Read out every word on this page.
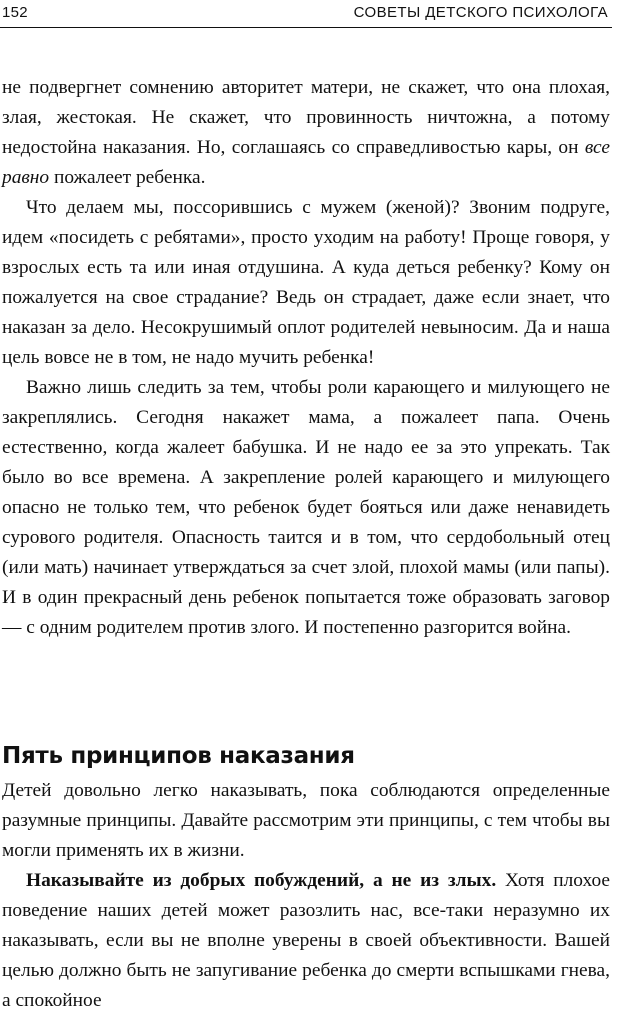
152	СОВЕТЫ ДЕТСКОГО ПСИХОЛОГА

не подвергнет сомнению авторитет матери, не скажет, что она плохая, злая, жестокая. Не скажет, что провинность ничтожна, а потому недостойна наказания. Но, соглашаясь со справедливостью кары, он все равно пожалеет ребенка.

Что делаем мы, поссорившись с мужем (женой)? Звоним подруге, идем «посидеть с ребятами», просто уходим на работу! Проще говоря, у взрослых есть та или иная отдушина. А куда деться ребенку? Кому он пожалуется на свое страдание? Ведь он страдает, даже если знает, что наказан за дело. Несокрушимый оплот родителей невыносим. Да и наша цель вовсе не в том, не надо мучить ребенка!

Важно лишь следить за тем, чтобы роли карающего и милующего не закреплялись. Сегодня накажет мама, а пожалеет папа. Очень естественно, когда жалеет бабушка. И не надо ее за это упрекать. Так было во все времена. А закрепление ролей карающего и милующего опасно не только тем, что ребенок будет бояться или даже ненавидеть сурового родителя. Опасность таится и в том, что сердобольный отец (или мать) начинает утверждаться за счет злой, плохой мамы (или папы). И в один прекрасный день ребенок попытается тоже образовать заговор — с одним родителем против злого. И постепенно разгорится война.

Пять принципов наказания

Детей довольно легко наказывать, пока соблюдаются определенные разумные принципы. Давайте рассмотрим эти принципы, с тем чтобы вы могли применять их в жизни.

Наказывайте из добрых побуждений, а не из злых. Хотя плохое поведение наших детей может разозлить нас, все-таки неразумно их наказывать, если вы не вполне уверены в своей объективности. Вашей целью должно быть не запугивание ребенка до смерти вспышками гнева, а спокойное
